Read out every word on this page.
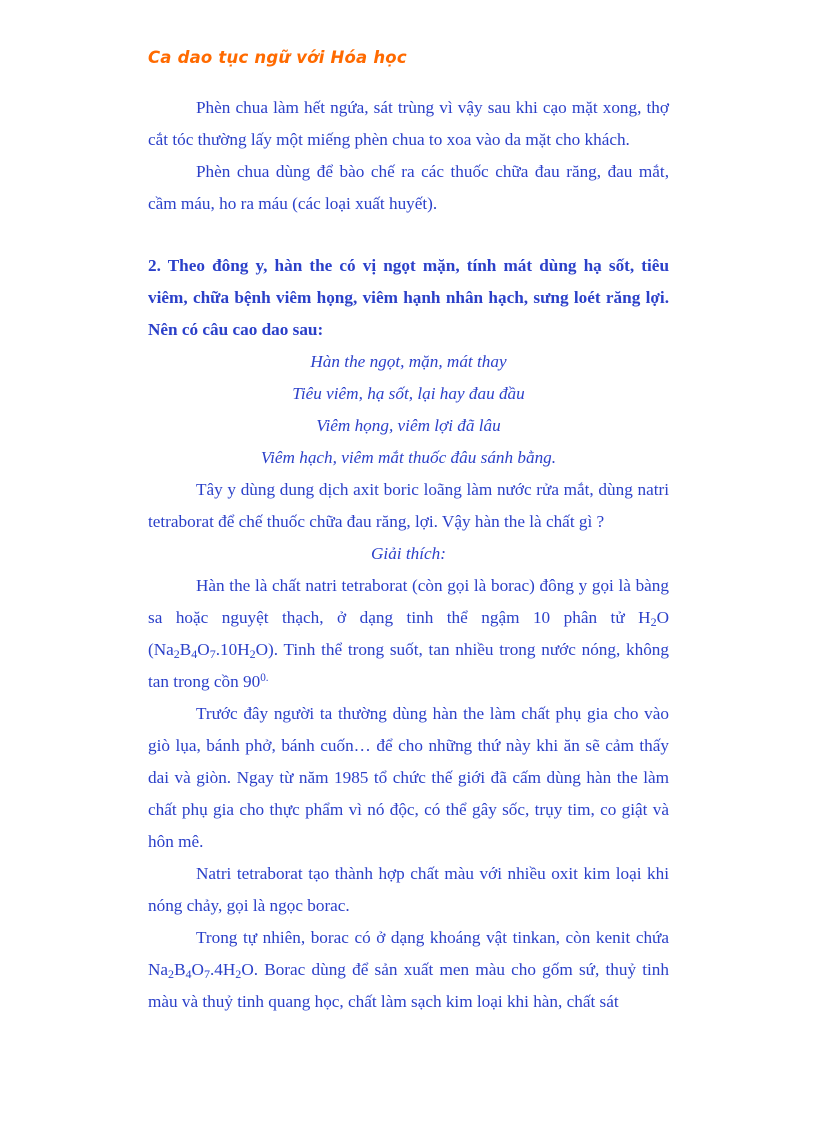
Ca dao tục ngữ với Hóa học

Phèn chua làm hết ngứa, sát trùng vì vậy sau khi cạo mặt xong, thợ cắt tóc thường lấy một miếng phèn chua to xoa vào da mặt cho khách.

Phèn chua dùng để bào chế ra các thuốc chữa đau răng, đau mắt, cầm máu, ho ra máu (các loại xuất huyết).

2. Theo đông y, hàn the có vị ngọt mặn, tính mát dùng hạ sốt, tiêu viêm, chữa bệnh viêm họng, viêm hạnh nhân hạch, sưng loét răng lợi. Nên có câu cao dao sau:

Hàn the ngọt, mặn, mát thay

Tiêu viêm, hạ sốt, lại hay đau đầu

Viêm họng, viêm lợi đã lâu

Viêm hạch, viêm mắt thuốc đâu sánh bằng.

Tây y dùng dung dịch axit boric loãng làm nước rửa mắt, dùng natri tetraborat để chế thuốc chữa đau răng, lợi. Vậy hàn the là chất gì ?

Giải thích:

Hàn the là chất natri tetraborat (còn gọi là borac) đông y gọi là bàng sa hoặc nguyệt thạch, ở dạng tinh thể ngậm 10 phân tử $H_2O$ $(Na_2B_4O_7.10H_2O)$. Tinh thể trong suốt, tan nhiều trong nước nóng, không tan trong cồn $90^{0.}$

Trước đây người ta thường dùng hàn the làm chất phụ gia cho vào giò lụa, bánh phở, bánh cuốn… để cho những thứ này khi ăn sẽ cảm thấy dai và giòn. Ngay từ năm 1985 tổ chức thế giới đã cấm dùng hàn the làm chất phụ gia cho thực phẩm vì nó độc, có thể gây sốc, trụy tim, co giật và hôn mê.

Natri tetraborat tạo thành hợp chất màu với nhiều oxit kim loại khi nóng chảy, gọi là ngọc borac.

Trong tự nhiên, borac có ở dạng khoáng vật tinkan, còn kenit chứa $Na_2B_4O_7.4H_2O$. Borac dùng để sản xuất men màu cho gốm sứ, thuỷ tinh màu và thuỷ tinh quang học, chất làm sạch kim loại khi hàn, chất sát
